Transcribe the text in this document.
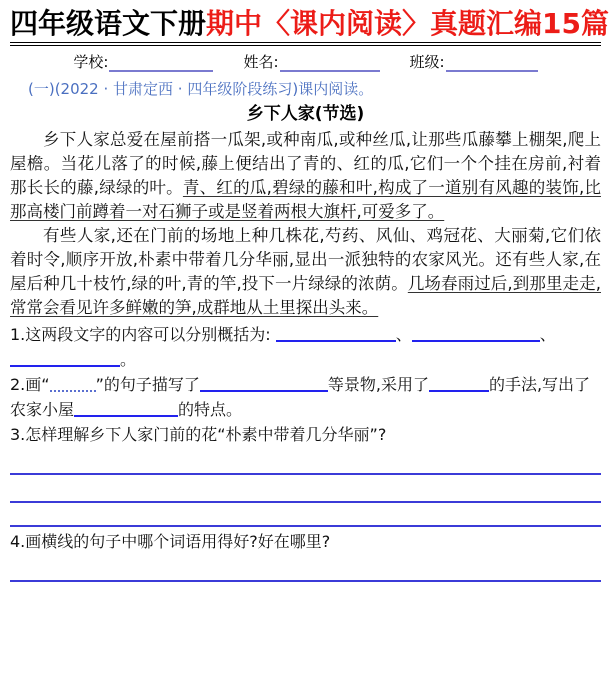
四年级语文下册期中〈课内阅读〉真题汇编15篇
学校:	姓名:	班级:
(一)(2022 · 甘肃定西 · 四年级阶段练习)课内阅读。
乡下人家(节选)

乡下人家总爱在屋前搭一瓜架,或种南瓜,或种丝瓜,让那些瓜藤攀上棚架,爬上屋檐。当花儿落了的时候,藤上便结出了青的、红的瓜,它们一个个挂在房前,衬着那长长的藤,绿绿的叶。青、红的瓜,碧绿的藤和叶,构成了一道别有风趣的装饰,比那高楼门前蹲着一对石狮子或是竖着两根大旗杆,可爱多了。

有些人家,还在门前的场地上种几株花,芍药、风仙、鸡冠花、大丽菊,它们依着时令,顺序开放,朴素中带着几分华丽,显出一派独特的农家风光。还有些人家,在屋后种几十枝竹,绿的叶,青的竿,投下一片绿绿的浓荫。几场春雨过后,到那里走走,常常会看见许多鲜嫩的笋,成群地从土里探出头来。

1.这两段文字的内容可以分别概括为:	、	、
。
2.画“	”的句子描写了	等景物,采用了	的手法,写出了农家小屋	的特点。
3.怎样理解乡下人家门前的花“朴素中带着几分华丽”?
4.画横线的句子中哪个词语用得好?好在哪里?
